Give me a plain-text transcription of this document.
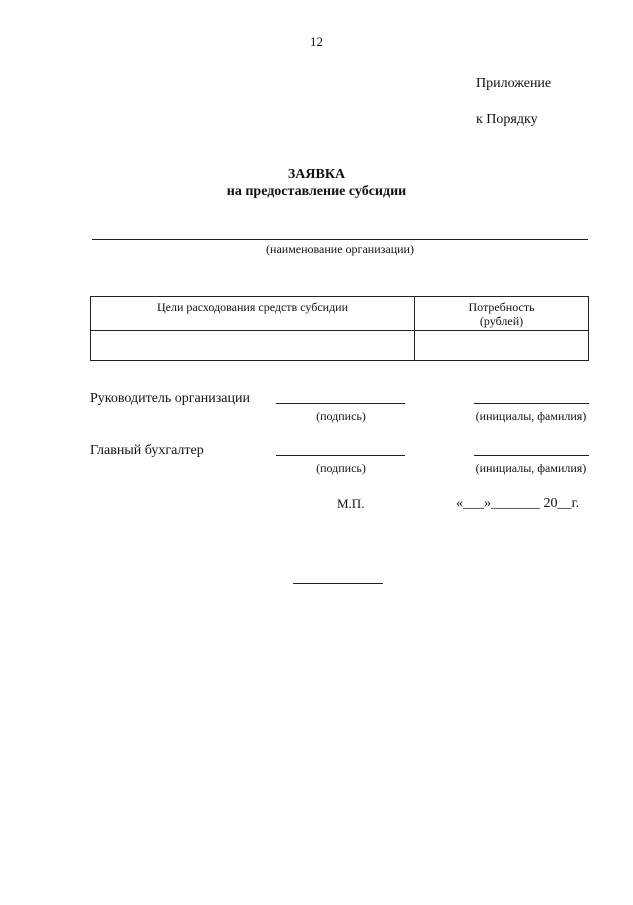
12
Приложение
к Порядку
ЗАЯВКА
на предоставление субсидии
(наименование организации)
Цели расходования средств субсидии	Потребность
(рублей)

Руководитель организации
(подпись)	(инициалы, фамилия)
Главный бухгалтер
(подпись)	(инициалы, фамилия)
М.П.	«___»_______ 20__г.
